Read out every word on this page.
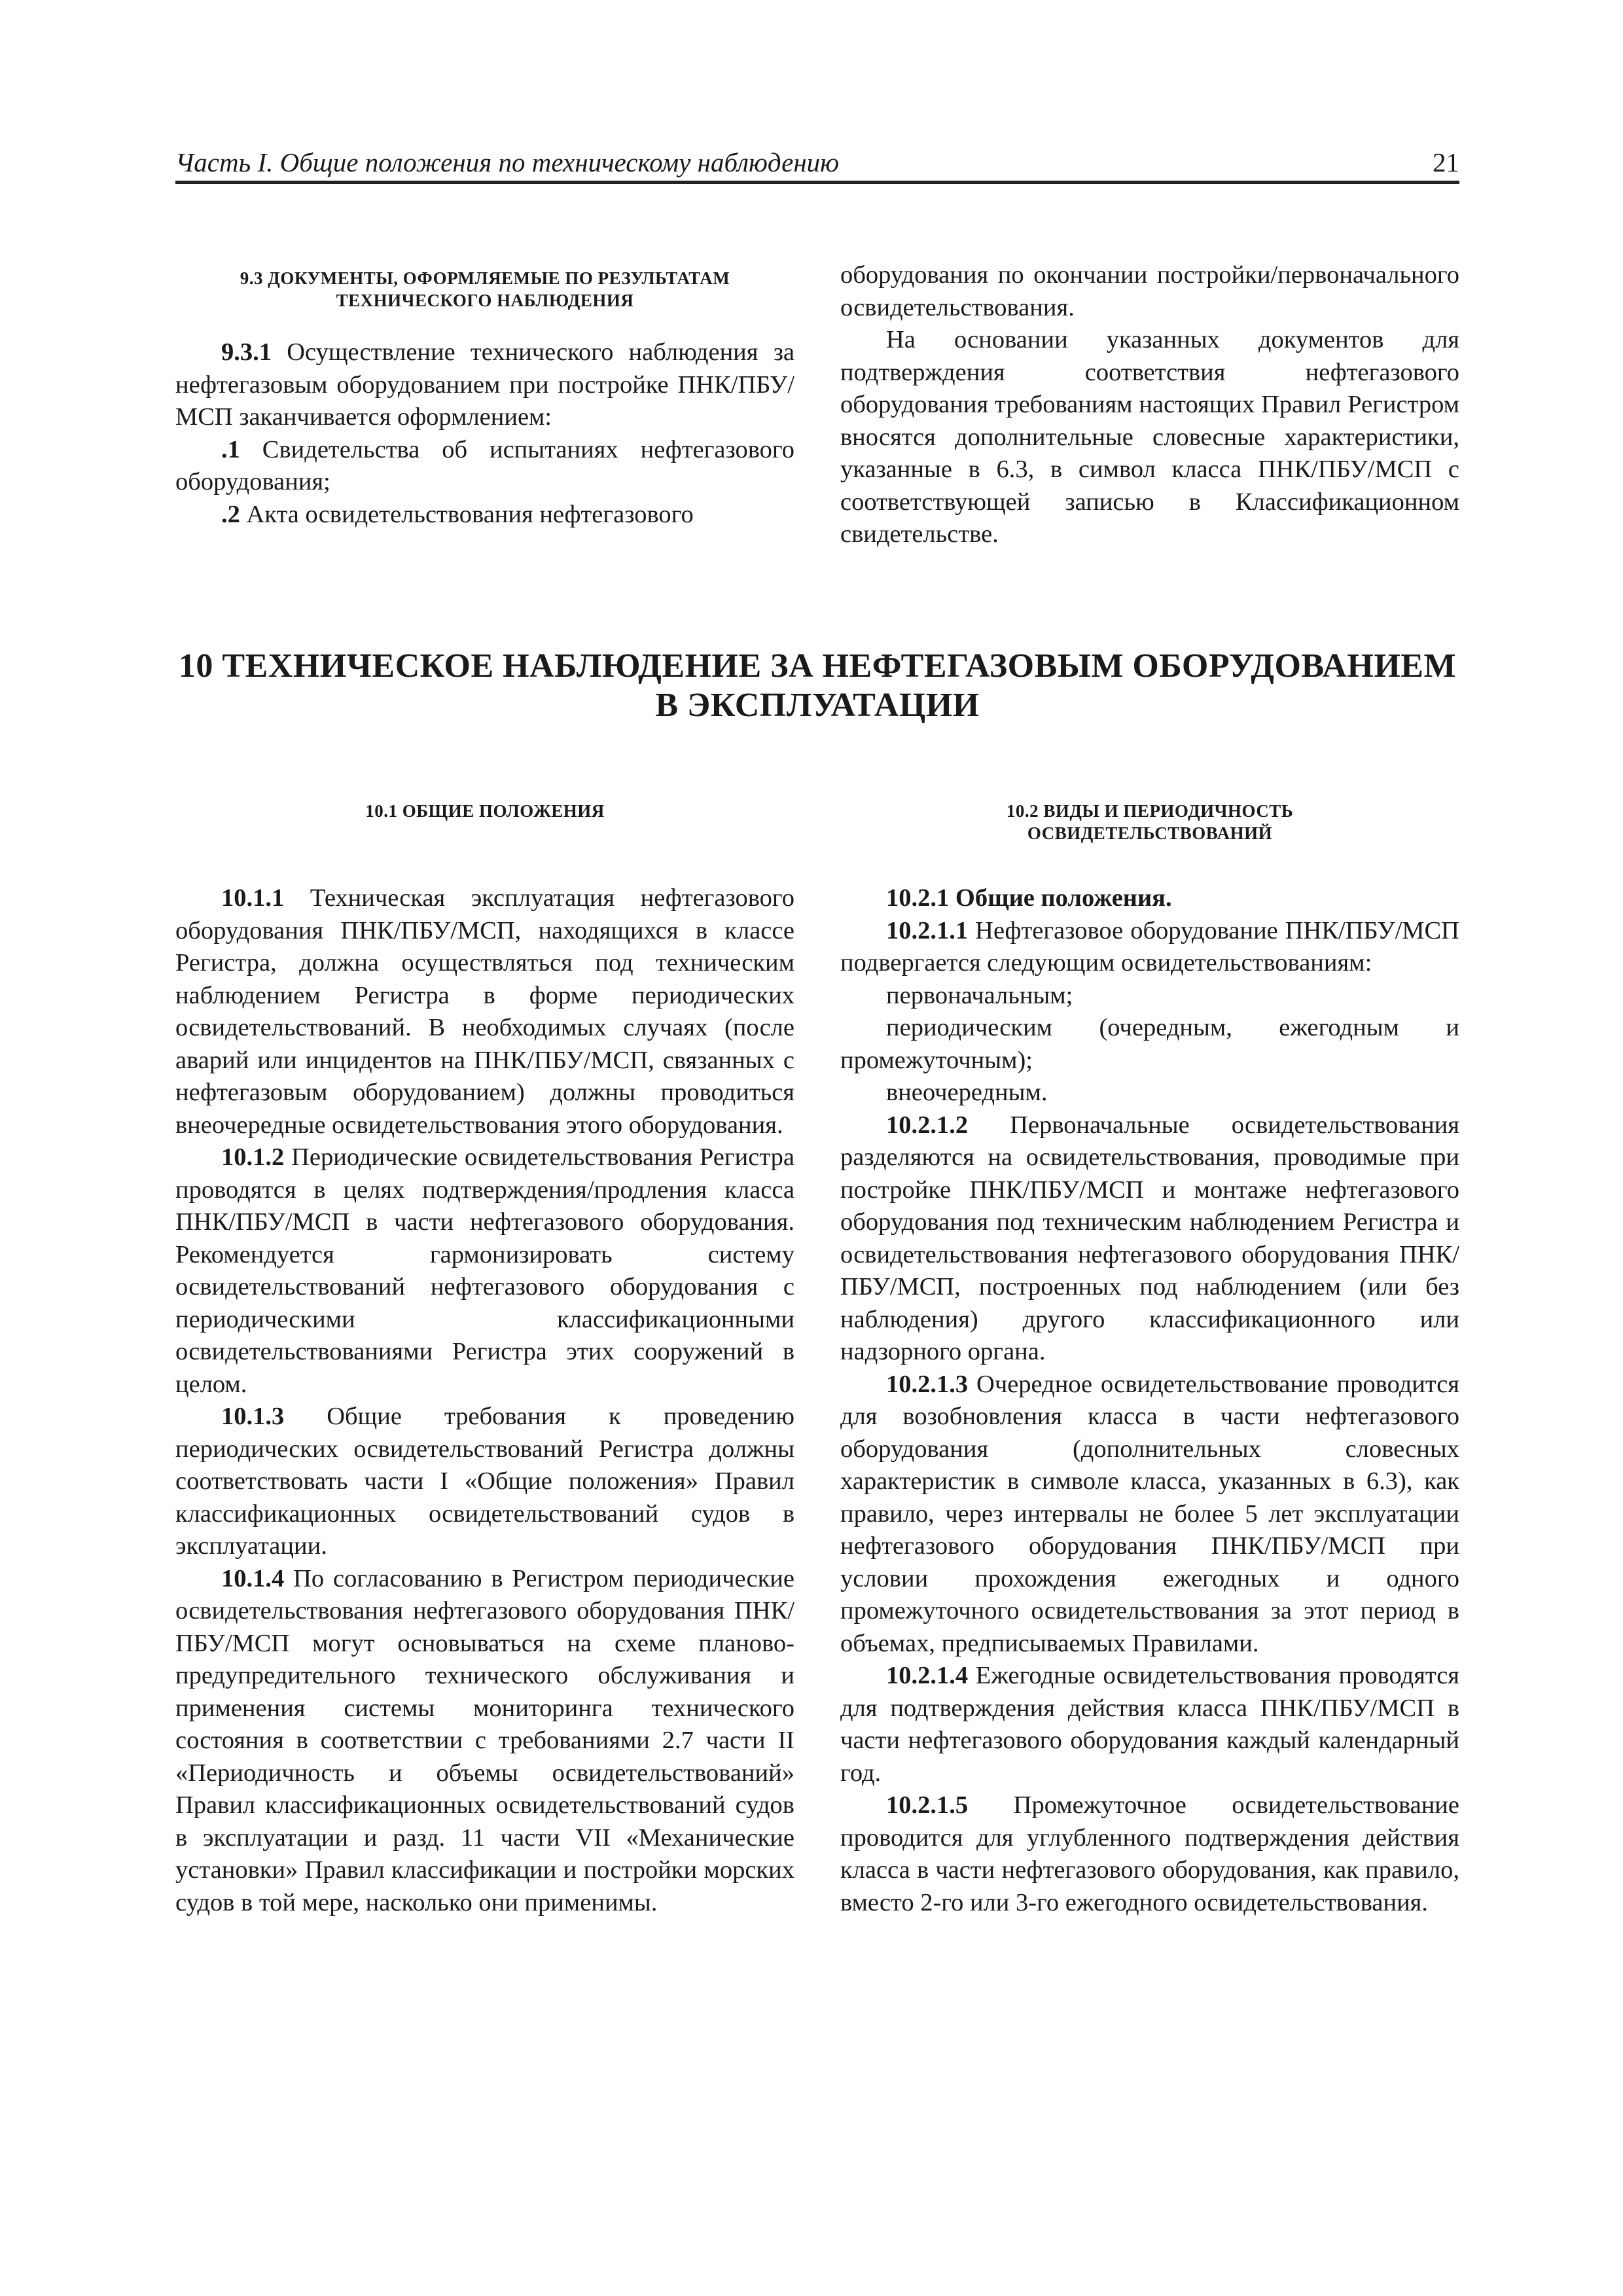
Часть I. Общие положения по техническому наблюдению	21
9.3 ДОКУМЕНТЫ, ОФОРМЛЯЕМЫЕ ПО РЕЗУЛЬТАТАМ
ТЕХНИЧЕСКОГО НАБЛЮДЕНИЯ

9.3.1 Осуществление технического наблюдения за нефтегазовым оборудованием при постройке ПНК/ПБУ/МСП заканчивается оформлением:

.1 Свидетельства об испытаниях нефтегазового оборудования;

.2 Акта освидетельствования нефтегазового

оборудования по окончании постройки/первоначального освидетельствования.

На основании указанных документов для подтверждения соответствия нефтегазового оборудования требованиям настоящих Правил Регистром вносятся дополнительные словесные характеристики, указанные в 6.3, в символ класса ПНК/ПБУ/МСП с соответствующей записью в Классификационном свидетельстве.

10 ТЕХНИЧЕСКОЕ НАБЛЮДЕНИЕ ЗА НЕФТЕГАЗОВЫМ ОБОРУДОВАНИЕМ
В ЭКСПЛУАТАЦИИ
10.1 ОБЩИЕ ПОЛОЖЕНИЯ

10.1.1 Техническая эксплуатация нефтегазового оборудования ПНК/ПБУ/МСП, находящихся в классе Регистра, должна осуществляться под техническим наблюдением Регистра в форме периодических освидетельствований. В необходимых случаях (после аварий или инцидентов на ПНК/ПБУ/МСП, связанных с нефтегазовым оборудованием) должны проводиться внеочередные освидетельствования этого оборудования.

10.1.2 Периодические освидетельствования Регистра проводятся в целях подтверждения/продления класса ПНК/ПБУ/МСП в части нефтегазового оборудования. Рекомендуется гармонизировать систему освидетельствований нефтегазового оборудования с периодическими классификационными освидетельствованиями Регистра этих сооружений в целом.

10.1.3 Общие требования к проведению периодических освидетельствований Регистра должны соответствовать части I «Общие положения» Правил классификационных освидетельствований судов в эксплуатации.

10.1.4 По согласованию в Регистром периодические освидетельствования нефтегазового оборудования ПНК/ПБУ/МСП могут основываться на схеме планово-предупредительного технического обслуживания и применения системы мониторинга технического состояния в соответствии с требованиями 2.7 части II «Периодичность и объемы освидетельствований» Правил классификационных освидетельствований судов в эксплуатации и разд. 11 части VII «Механические установки» Правил классификации и постройки морских судов в той мере, насколько они применимы.

10.2 ВИДЫ И ПЕРИОДИЧНОСТЬ
ОСВИДЕТЕЛЬСТВОВАНИЙ

10.2.1 Общие положения.

10.2.1.1 Нефтегазовое оборудование ПНК/ПБУ/МСП подвергается следующим освидетельствованиям:

первоначальным;

периодическим (очередным, ежегодным и промежуточным);

внеочередным.

10.2.1.2 Первоначальные освидетельствования разделяются на освидетельствования, проводимые при постройке ПНК/ПБУ/МСП и монтаже нефтегазового оборудования под техническим наблюдением Регистра и освидетельствования нефтегазового оборудования ПНК/ПБУ/МСП, построенных под наблюдением (или без наблюдения) другого классификационного или надзорного органа.

10.2.1.3 Очередное освидетельствование проводится для возобновления класса в части нефтегазового оборудования (дополнительных словесных характеристик в символе класса, указанных в 6.3), как правило, через интервалы не более 5 лет эксплуатации нефтегазового оборудования ПНК/ПБУ/МСП при условии прохождения ежегодных и одного промежуточного освидетельствования за этот период в объемах, предписываемых Правилами.

10.2.1.4 Ежегодные освидетельствования проводятся для подтверждения действия класса ПНК/ПБУ/МСП в части нефтегазового оборудования каждый календарный год.

10.2.1.5 Промежуточное освидетельствование проводится для углубленного подтверждения действия класса в части нефтегазового оборудования, как правило, вместо 2-го или 3-го ежегодного освидетельствования.
